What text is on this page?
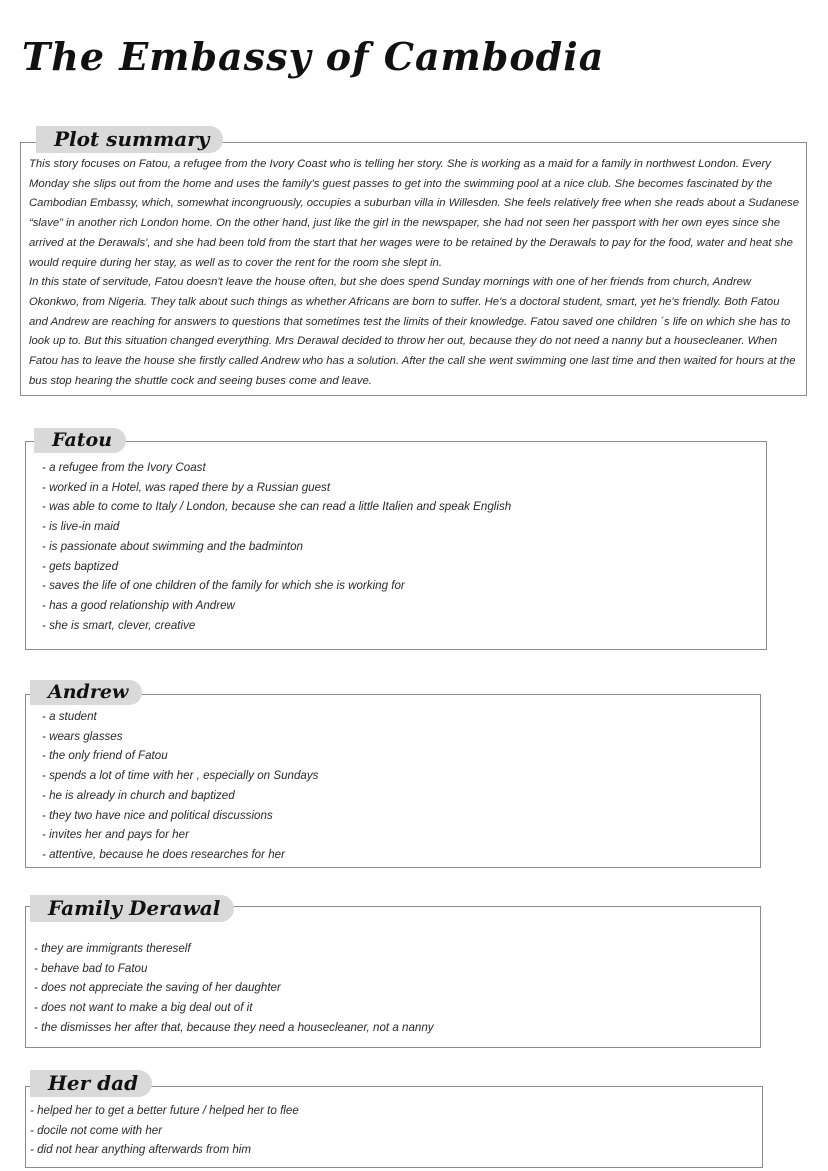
The Embassy of Cambodia
Plot summary

This story focuses on Fatou, a refugee from the Ivory Coast who is telling her story. She is working as a maid for a family in northwest London. Every Monday she slips out from the home and uses the family's guest passes to get into the swimming pool at a nice club. She becomes fascinated by the Cambodian Embassy, which, somewhat incongruously, occupies a suburban villa in Willesden. She feels relatively free when she reads about a Sudanese “slave” in another rich London home. On the other hand, just like the girl in the newspaper, she had not seen her passport with her own eyes since she arrived at the Derawals', and she had been told from the start that her wages were to be retained by the Derawals to pay for the food, water and heat she would require during her stay, as well as to cover the rent for the room she slept in.

In this state of servitude, Fatou doesn't leave the house often, but she does spend Sunday mornings with one of her friends from church, Andrew Okonkwo, from Nigeria. They talk about such things as whether Africans are born to suffer. He's a doctoral student, smart, yet he's friendly. Both Fatou and Andrew are reaching for answers to questions that sometimes test the limits of their knowledge. Fatou saved one children ´s life on which she has to look up to. But this situation changed everything. Mrs Derawal decided to throw her out, because they do not need a nanny but a housecleaner. When Fatou has to leave the house she firstly called Andrew who has a solution. After the call she went swimming one last time and then waited for hours at the bus stop hearing the shuttle cock and seeing buses come and leave.

Fatou
- a refugee from the Ivory Coast
- worked in a Hotel, was raped there by a Russian guest
- was able to come to Italy / London, because she can read a little Italien and speak English
- is live-in maid
- is passionate about swimming and the badminton
- gets baptized
- saves the life of one children of the family for which she is working for
- has a good relationship with Andrew
- she is smart, clever, creative
Andrew
- a student
- wears glasses
- the only friend of Fatou
- spends a lot of time with her , especially on Sundays
- he is already in church and baptized
- they two have nice and political discussions
- invites her and pays for her
- attentive, because he does researches for her
Family Derawal
- they are immigrants thereself
- behave bad to Fatou
- does not appreciate the saving of her daughter
- does not want to make a big deal out of it
- the dismisses her after that, because they need a housecleaner, not a nanny
Her dad
- helped her to get a better future / helped her to flee
- docile not come with her
- did not hear anything afterwards from him
